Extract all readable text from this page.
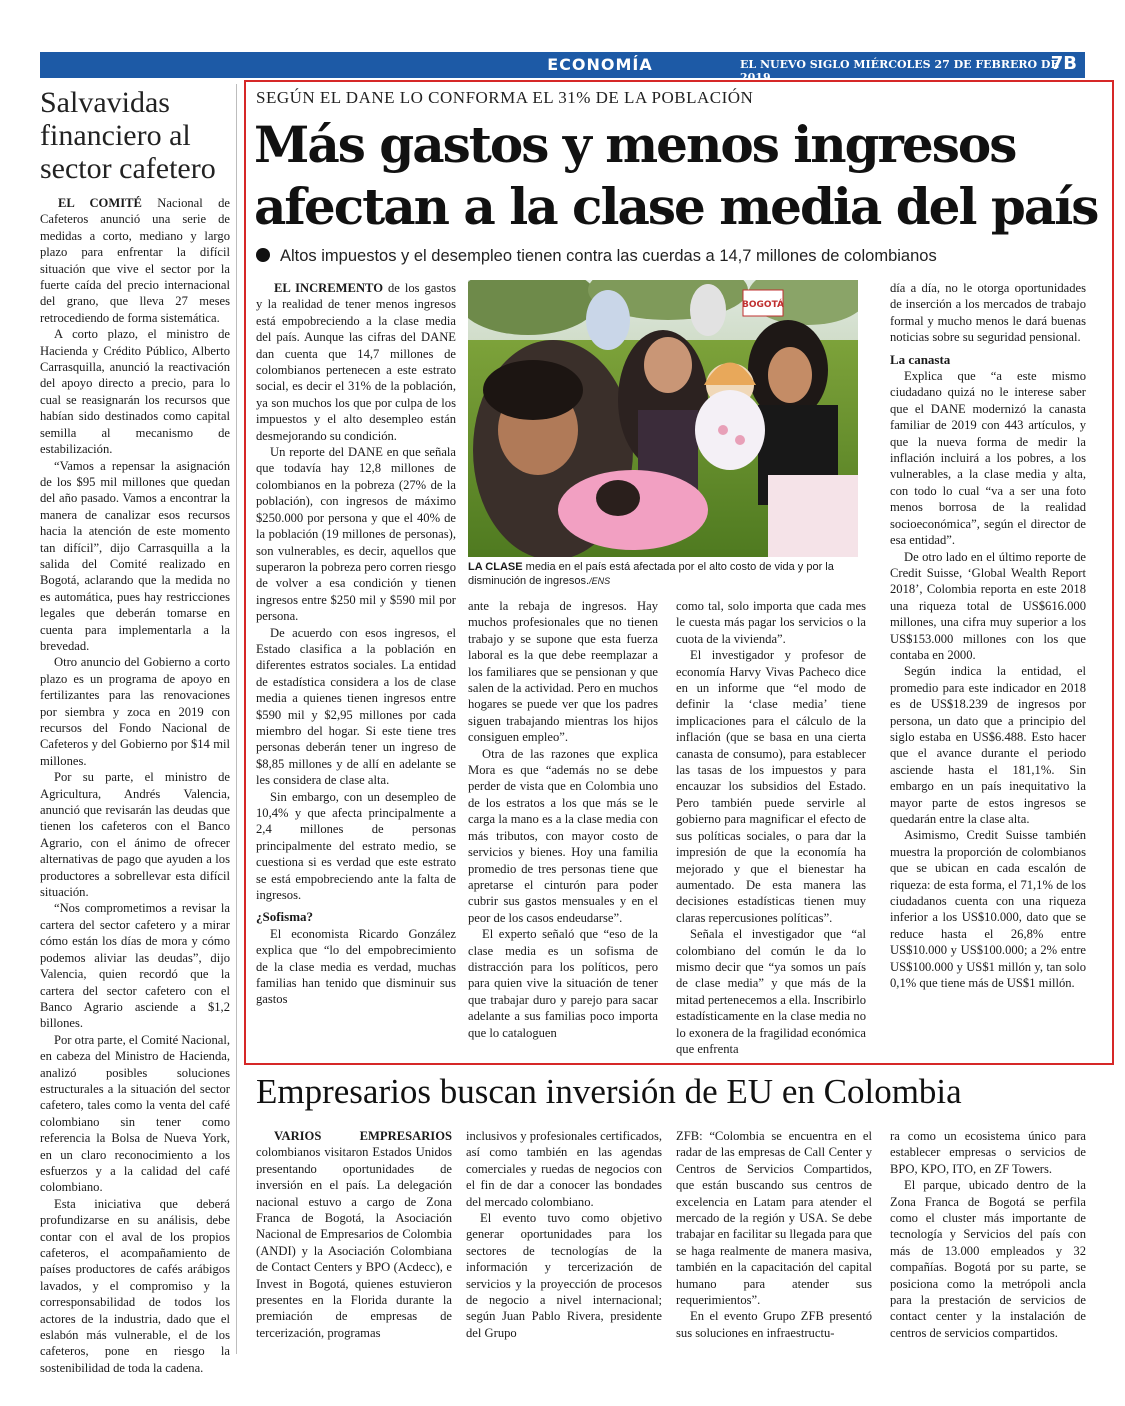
ECONOMÍA	EL NUEVO SIGLO MIÉRCOLES 27 DE FEBRERO DE 2019
7B
Salvavidas financiero al sector cafetero

EL COMITÉ Nacional de Cafeteros anunció una serie de medidas a corto, mediano y largo plazo para enfrentar la difícil situación que vive el sector por la fuerte caída del precio internacional del grano, que lleva 27 meses retrocediendo de forma sistemática.

A corto plazo, el ministro de Hacienda y Crédito Público, Alberto Carrasquilla, anunció la reactivación del apoyo directo a precio, para lo cual se reasignarán los recursos que habían sido destinados como capital semilla al mecanismo de estabilización.

“Vamos a repensar la asignación de los $95 mil millones que quedan del año pasado. Vamos a encontrar la manera de canalizar esos recursos hacia la atención de este momento tan difícil”, dijo Carrasquilla a la salida del Comité realizado en Bogotá, aclarando que la medida no es automática, pues hay restricciones legales que deberán tomarse en cuenta para implementarla a la brevedad.

Otro anuncio del Gobierno a corto plazo es un programa de apoyo en fertilizantes para las renovaciones por siembra y zoca en 2019 con recursos del Fondo Nacional de Cafeteros y del Gobierno por $14 mil millones.

Por su parte, el ministro de Agricultura, Andrés Valencia, anunció que revisarán las deudas que tienen los cafeteros con el Banco Agrario, con el ánimo de ofrecer alternativas de pago que ayuden a los productores a sobrellevar esta difícil situación.

“Nos comprometimos a revisar la cartera del sector cafetero y a mirar cómo están los días de mora y cómo podemos aliviar las deudas”, dijo Valencia, quien recordó que la cartera del sector cafetero con el Banco Agrario asciende a $1,2 billones.

Por otra parte, el Comité Nacional, en cabeza del Ministro de Hacienda, analizó posibles soluciones estructurales a la situación del sector cafetero, tales como la venta del café colombiano sin tener como referencia la Bolsa de Nueva York, en un claro reconocimiento a los esfuerzos y a la calidad del café colombiano.

Esta iniciativa que deberá profundizarse en su análisis, debe contar con el aval de los propios cafeteros, el acompañamiento de países productores de cafés arábigos lavados, y el compromiso y la corresponsabilidad de todos los actores de la industria, dado que el eslabón más vulnerable, el de los cafeteros, pone en riesgo la sostenibilidad de toda la cadena.

SEGÚN EL DANE LO CONFORMA EL 31% DE LA POBLACIÓN
Más gastos y menos ingresos afectan a la clase media del país
Altos impuestos y el desempleo tienen contra las cuerdas a 14,7 millones de colombianos

EL INCREMENTO de los gastos y la realidad de tener menos ingresos está empobreciendo a la clase media del país. Aunque las cifras del DANE dan cuenta que 14,7 millones de colombianos pertenecen a este estrato social, es decir el 31% de la población, ya son muchos los que por culpa de los impuestos y el alto desempleo están desmejorando su condición.

Un reporte del DANE en que señala que todavía hay 12,8 millones de colombianos en la pobreza (27% de la población), con ingresos de máximo $250.000 por persona y que el 40% de la población (19 millones de personas), son vulnerables, es decir, aquellos que superaron la pobreza pero corren riesgo de volver a esa condición y tienen ingresos entre $250 mil y $590 mil por persona.

De acuerdo con esos ingresos, el Estado clasifica a la población en diferentes estratos sociales. La entidad de estadística considera a los de clase media a quienes tienen ingresos entre $590 mil y $2,95 millones por cada miembro del hogar. Si este tiene tres personas deberán tener un ingreso de $8,85 millones y de allí en adelante se les considera de clase alta.

Sin embargo, con un desempleo de 10,4% y que afecta principalmente a 2,4 millones de personas principalmente del estrato medio, se cuestiona si es verdad que este estrato se está empobreciendo ante la falta de ingresos.

¿Sofisma?

El economista Ricardo González explica que “lo del empobrecimiento de la clase media es verdad, muchas familias han tenido que disminuir sus gastos

BOGOTÁ
LA CLASE media en el país está afectada por el alto costo de vida y por la disminución de ingresos./ENS

ante la rebaja de ingresos. Hay muchos profesionales que no tienen trabajo y se supone que esta fuerza laboral es la que debe reemplazar a los familiares que se pensionan y que salen de la actividad. Pero en muchos hogares se puede ver que los padres siguen trabajando mientras los hijos consiguen empleo”.

Otra de las razones que explica Mora es que “además no se debe perder de vista que en Colombia uno de los estratos a los que más se le carga la mano es a la clase media con más tributos, con mayor costo de servicios y bienes. Hoy una familia promedio de tres personas tiene que apretarse el cinturón para poder cubrir sus gastos mensuales y en el peor de los casos endeudarse”.

El experto señaló que “eso de la clase media es un sofisma de distracción para los políticos, pero para quien vive la situación de tener que trabajar duro y parejo para sacar adelante a sus familias poco importa que lo cataloguen

como tal, solo importa que cada mes le cuesta más pagar los servicios o la cuota de la vivienda”.

El investigador y profesor de economía Harvy Vivas Pacheco dice en un informe que “el modo de definir la ‘clase media’ tiene implicaciones para el cálculo de la inflación (que se basa en una cierta canasta de consumo), para establecer las tasas de los impuestos y para encauzar los subsidios del Estado. Pero también puede servirle al gobierno para magnificar el efecto de sus políticas sociales, o para dar la impresión de que la economía ha mejorado y que el bienestar ha aumentado. De esta manera las decisiones estadísticas tienen muy claras repercusiones políticas”.

Señala el investigador que “al colombiano del común le da lo mismo decir que “ya somos un país de clase media” y que más de la mitad pertenecemos a ella. Inscribirlo estadísticamente en la clase media no lo exonera de la fragilidad económica que enfrenta

día a día, no le otorga oportunidades de inserción a los mercados de trabajo formal y mucho menos le dará buenas noticias sobre su seguridad pensional.

La canasta

Explica que “a este mismo ciudadano quizá no le interese saber que el DANE modernizó la canasta familiar de 2019 con 443 artículos, y que la nueva forma de medir la inflación incluirá a los pobres, a los vulnerables, a la clase media y alta, con todo lo cual “va a ser una foto menos borrosa de la realidad socioeconómica”, según el director de esa entidad”.

De otro lado en el último reporte de Credit Suisse, ‘Global Wealth Report 2018’, Colombia reporta en este 2018 una riqueza total de US$616.000 millones, una cifra muy superior a los US$153.000 millones con los que contaba en 2000.

Según indica la entidad, el promedio para este indicador en 2018 es de US$18.239 de ingresos por persona, un dato que a principio del siglo estaba en US$6.488. Esto hacer que el avance durante el periodo asciende hasta el 181,1%. Sin embargo en un país inequitativo la mayor parte de estos ingresos se quedarán entre la clase alta.

Asimismo, Credit Suisse también muestra la proporción de colombianos que se ubican en cada escalón de riqueza: de esta forma, el 71,1% de los ciudadanos cuenta con una riqueza inferior a los US$10.000, dato que se reduce hasta el 26,8% entre US$10.000 y US$100.000; a 2% entre US$100.000 y US$1 millón y, tan solo 0,1% que tiene más de US$1 millón.

Empresarios buscan inversión de EU en Colombia

VARIOS EMPRESARIOS colombianos visitaron Estados Unidos presentando oportunidades de inversión en el país. La delegación nacional estuvo a cargo de Zona Franca de Bogotá, la Asociación Nacional de Empresarios de Colombia (ANDI) y la Asociación Colombiana de Contact Centers y BPO (Acdecc), e Invest in Bogotá, quienes estuvieron presentes en la Florida durante la premiación de empresas de tercerización, programas

inclusivos y profesionales certificados, así como también en las agendas comerciales y ruedas de negocios con el fin de dar a conocer las bondades del mercado colombiano.

El evento tuvo como objetivo generar oportunidades para los sectores de tecnologías de la información y tercerización de servicios y la proyección de procesos de negocio a nivel internacional; según Juan Pablo Rivera, presidente del Grupo

ZFB: “Colombia se encuentra en el radar de las empresas de Call Center y Centros de Servicios Compartidos, que están buscando sus centros de excelencia en Latam para atender el mercado de la región y USA. Se debe trabajar en facilitar su llegada para que se haga realmente de manera masiva, también en la capacitación del capital humano para atender sus requerimientos”.

En el evento Grupo ZFB presentó sus soluciones en infraestructu-

ra como un ecosistema único para establecer empresas o servicios de BPO, KPO, ITO, en ZF Towers.

El parque, ubicado dentro de la Zona Franca de Bogotá se perfila como el cluster más importante de tecnología y Servicios del país con más de 13.000 empleados y 32 compañías. Bogotá por su parte, se posiciona como la metrópoli ancla para la prestación de servicios de contact center y la instalación de centros de servicios compartidos.
